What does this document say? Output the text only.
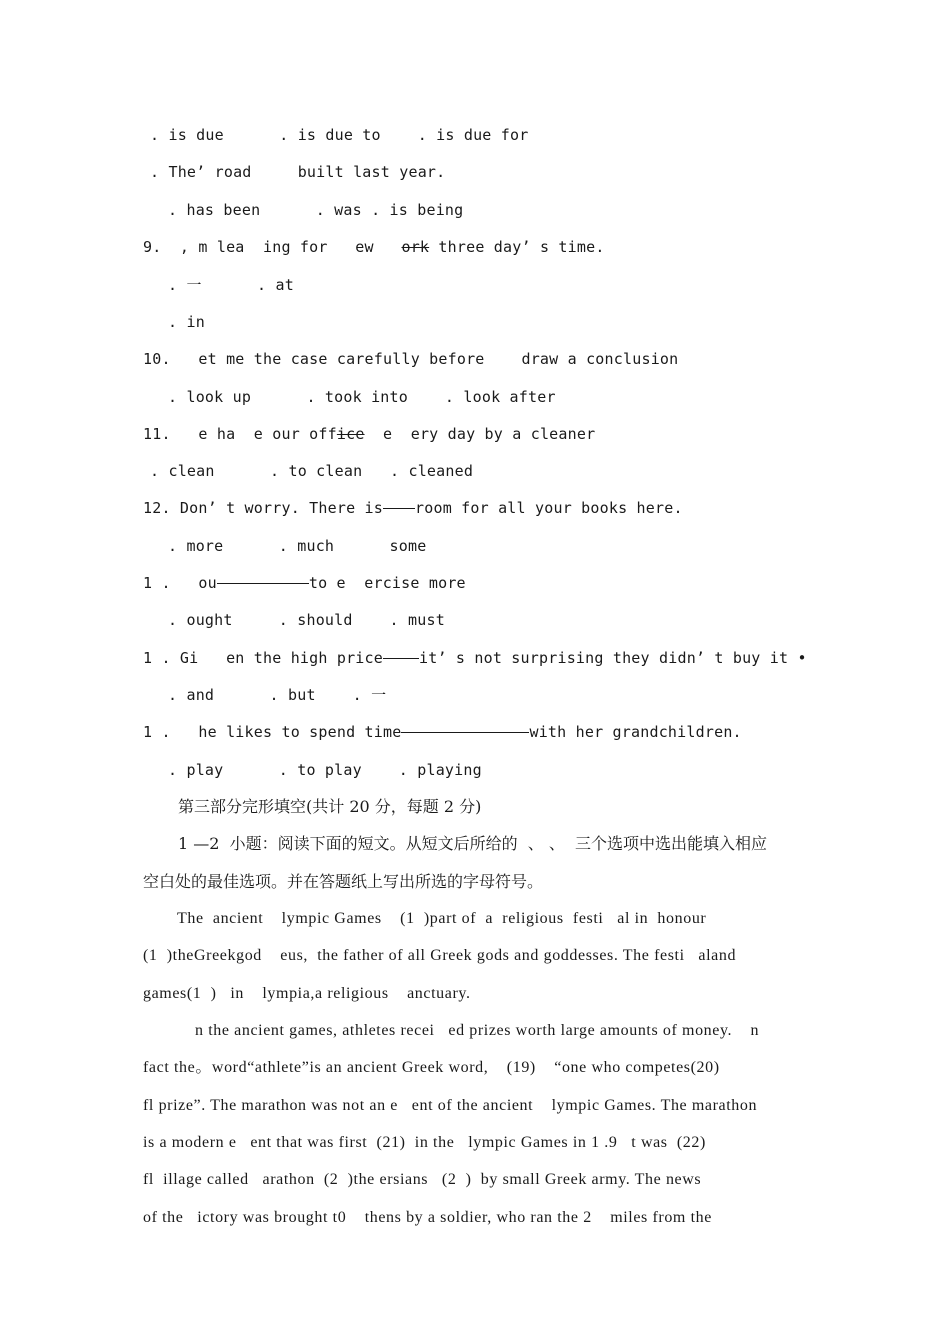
. is due      . is due to    . is due for
. The’ road     built last year.
. has been      . was . is being
9.  , m lea  ing for   ew   ork three day’ s time.
. 一      . at
. in
10.   et me the case carefully before    draw a conclusion
. look up      . took into    . look after
11.   e ha  e our office  e  ery day by a cleaner
. clean      . to clean   . cleaned
12. Don’ t worry. There is room for all your books here.
. more      . much      some
1 .   ou	to e  ercise more
. ought     . should    . must
1 . Gi   en the high price it’ s not surprising they didn’ t buy it •
. and      . but    . 一
1 .   he likes to spend time	with her grandchildren.
. play      . to play    . playing
第三部分完形填空(共计 20 分，每题 2 分)
1 —2  小题：阅读下面的短文。从短文后所给的  、 、  三个选项中选出能填入相应
空白处的最佳选项。并在答题纸上写出所选的字母符号。
The  ancient    lympic Games    (1  )part of  a  religious  festi   al in  honour
(1  )theGreekgod    eus,  the father of all Greek gods and goddesses. The festi   aland
games(1  )   in    lympia,a religious    anctuary.
n the ancient games, athletes recei   ed prizes worth large amounts of money.    n
fact the。word“athlete”is an ancient Greek word,    (19)    “one who competes(20)
fl prize”. The marathon was not an e   ent of the ancient    lympic Games. The marathon
is a modern e   ent that was first  (21)  in the   lympic Games in 1 .9   t was  (22)
fl  illage called   arathon  (2  )the ersians   (2  )  by small Greek army. The news
of the   ictory was brought t0    thens by a soldier, who ran the 2    miles from the
